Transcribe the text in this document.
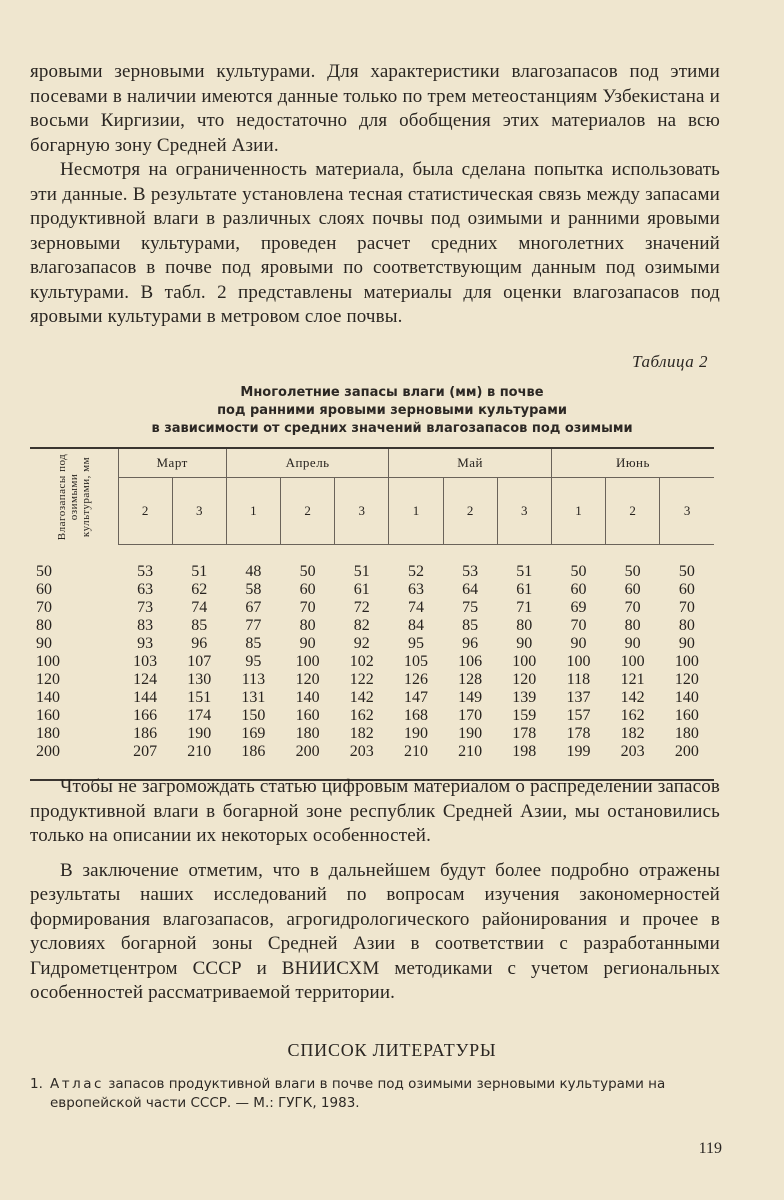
яровыми зерновыми культурами. Для характеристики влагозапасов под этими посевами в наличии имеются данные только по трем метеостанциям Узбекистана и восьми Киргизии, что недостаточно для обобщения этих материалов на всю богарную зону Средней Азии.

Несмотря на ограниченность материала, была сделана попытка использовать эти данные. В результате установлена тесная статистическая связь между запасами продуктивной влаги в различных слоях почвы под озимыми и ранними яровыми зерновыми культурами, проведен расчет средних многолетних значений влагозапасов в почве под яровыми по соответствующим данным под озимыми культурами. В табл. 2 представлены материалы для оценки влагозапасов под яровыми культурами в метровом слое почвы.

Таблица 2
Многолетние запасы влаги (мм) в почве
под ранними яровыми зерновыми культурами
в зависимости от средних значений влагозапасов под озимыми
Влагозапасы под озимыми культурами, мм	Март		Апрель			Май			Июнь		
	2	3	1	2	3	1	2	3	1	2	3

50	53	51	48	50	51	52	53	51	50	50	50
60	63	62	58	60	61	63	64	61	60	60	60
70	73	74	67	70	72	74	75	71	69	70	70
80	83	85	77	80	82	84	85	80	70	80	80
90	93	96	85	90	92	95	96	90	90	90	90
100	103	107	95	100	102	105	106	100	100	100	100
120	124	130	113	120	122	126	128	120	118	121	120
140	144	151	131	140	142	147	149	139	137	142	140
160	166	174	150	160	162	168	170	159	157	162	160
180	186	190	169	180	182	190	190	178	178	182	180
200	207	210	186	200	203	210	210	198	199	203	200

Чтобы не загромождать статью цифровым материалом о распределении запасов продуктивной влаги в богарной зоне республик Средней Азии, мы остановились только на описании их некоторых особенностей.

В заключение отметим, что в дальнейшем будут более подробно отражены результаты наших исследований по вопросам изучения закономерностей формирования влагозапасов, агрогидрологического районирования и прочее в условиях богарной зоны Средней Азии в соответствии с разработанными Гидрометцентром СССР и ВНИИСХМ методиками с учетом региональных особенностей рассматриваемой территории.

СПИСОК ЛИТЕРАТУРЫ
1. Атлас запасов продуктивной влаги в почве под озимыми зерновыми культурами на европейской части СССР. — М.: ГУГК, 1983.
119
